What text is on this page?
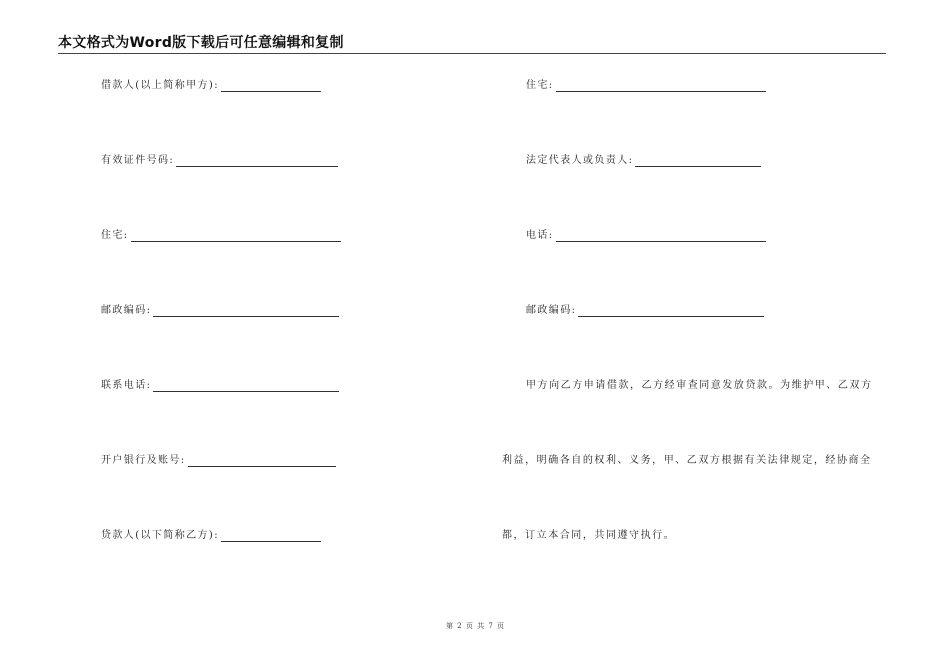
本文格式为Word版下载后可任意编辑和复制
借款人(以上简称甲方):
有效证件号码:
住宅:
邮政编码:
联系电话:
开户银行及账号:
贷款人(以下简称乙方):
住宅:
法定代表人或负责人:
电话:
邮政编码:
甲方向乙方申请借款，乙方经审查同意发放贷款。为维护甲、乙双方
利益，明确各自的权利、义务，甲、乙双方根据有关法律规定，经协商全
都，订立本合同，共同遵守执行。
第 2 页 共 7 页
